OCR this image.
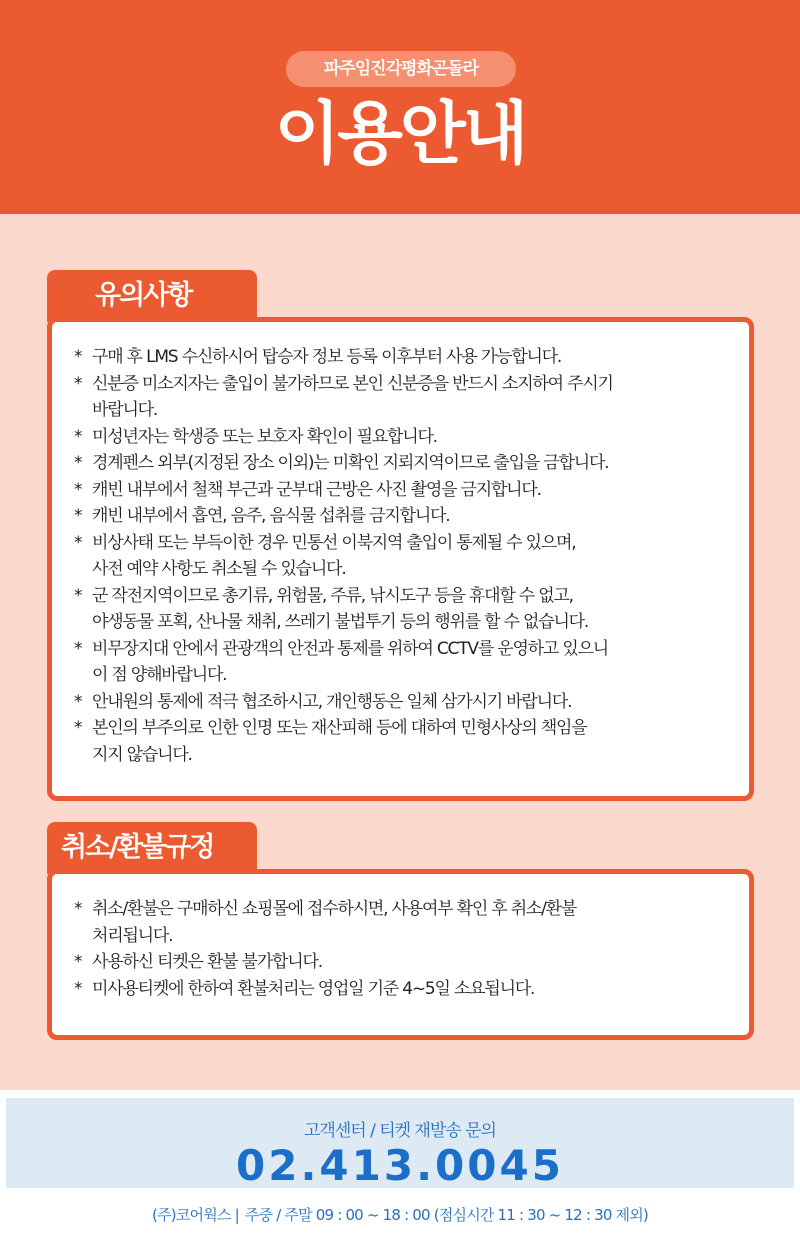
파주임진각평화곤돌라
이용안내
유의사항
* 구매 후 LMS 수신하시어 탑승자 정보 등록 이후부터 사용 가능합니다.
* 신분증 미소지자는 출입이 불가하므로 본인 신분증을 반드시 소지하여 주시기
바랍니다.
* 미성년자는 학생증 또는 보호자 확인이 필요합니다.
* 경계펜스 외부(지정된 장소 이외)는 미확인 지뢰지역이므로 출입을 금합니다.
* 캐빈 내부에서 철책 부근과 군부대 근방은 사진 촬영을 금지합니다.
* 캐빈 내부에서 흡연, 음주, 음식물 섭취를 금지합니다.
* 비상사태 또는 부득이한 경우 민통선 이북지역 출입이 통제될 수 있으며,
사전 예약 사항도 취소될 수 있습니다.
* 군 작전지역이므로 총기류, 위험물, 주류, 낚시도구 등을 휴대할 수 없고,
야생동물 포획, 산나물 채취, 쓰레기 불법투기 등의 행위를 할 수 없습니다.
* 비무장지대 안에서 관광객의 안전과 통제를 위하여 CCTV를 운영하고 있으니
이 점 양해바랍니다.
* 안내원의 통제에 적극 협조하시고, 개인행동은 일체 삼가시기 바랍니다.
* 본인의 부주의로 인한 인명 또는 재산피해 등에 대하여 민형사상의 책임을
지지 않습니다.
취소/환불규정
* 취소/환불은 구매하신 쇼핑몰에 접수하시면, 사용여부 확인 후 취소/환불
처리됩니다.
* 사용하신 티켓은 환불 불가합니다.
* 미사용티켓에 한하여 환불처리는 영업일 기준 4~5일 소요됩니다.
고객센터 / 티켓 재발송 문의
02.413.0045
(주)코어웍스 | 주중 / 주말 09 : 00 ~ 18 : 00 (점심시간 11 : 30 ~ 12 : 30 제외)
